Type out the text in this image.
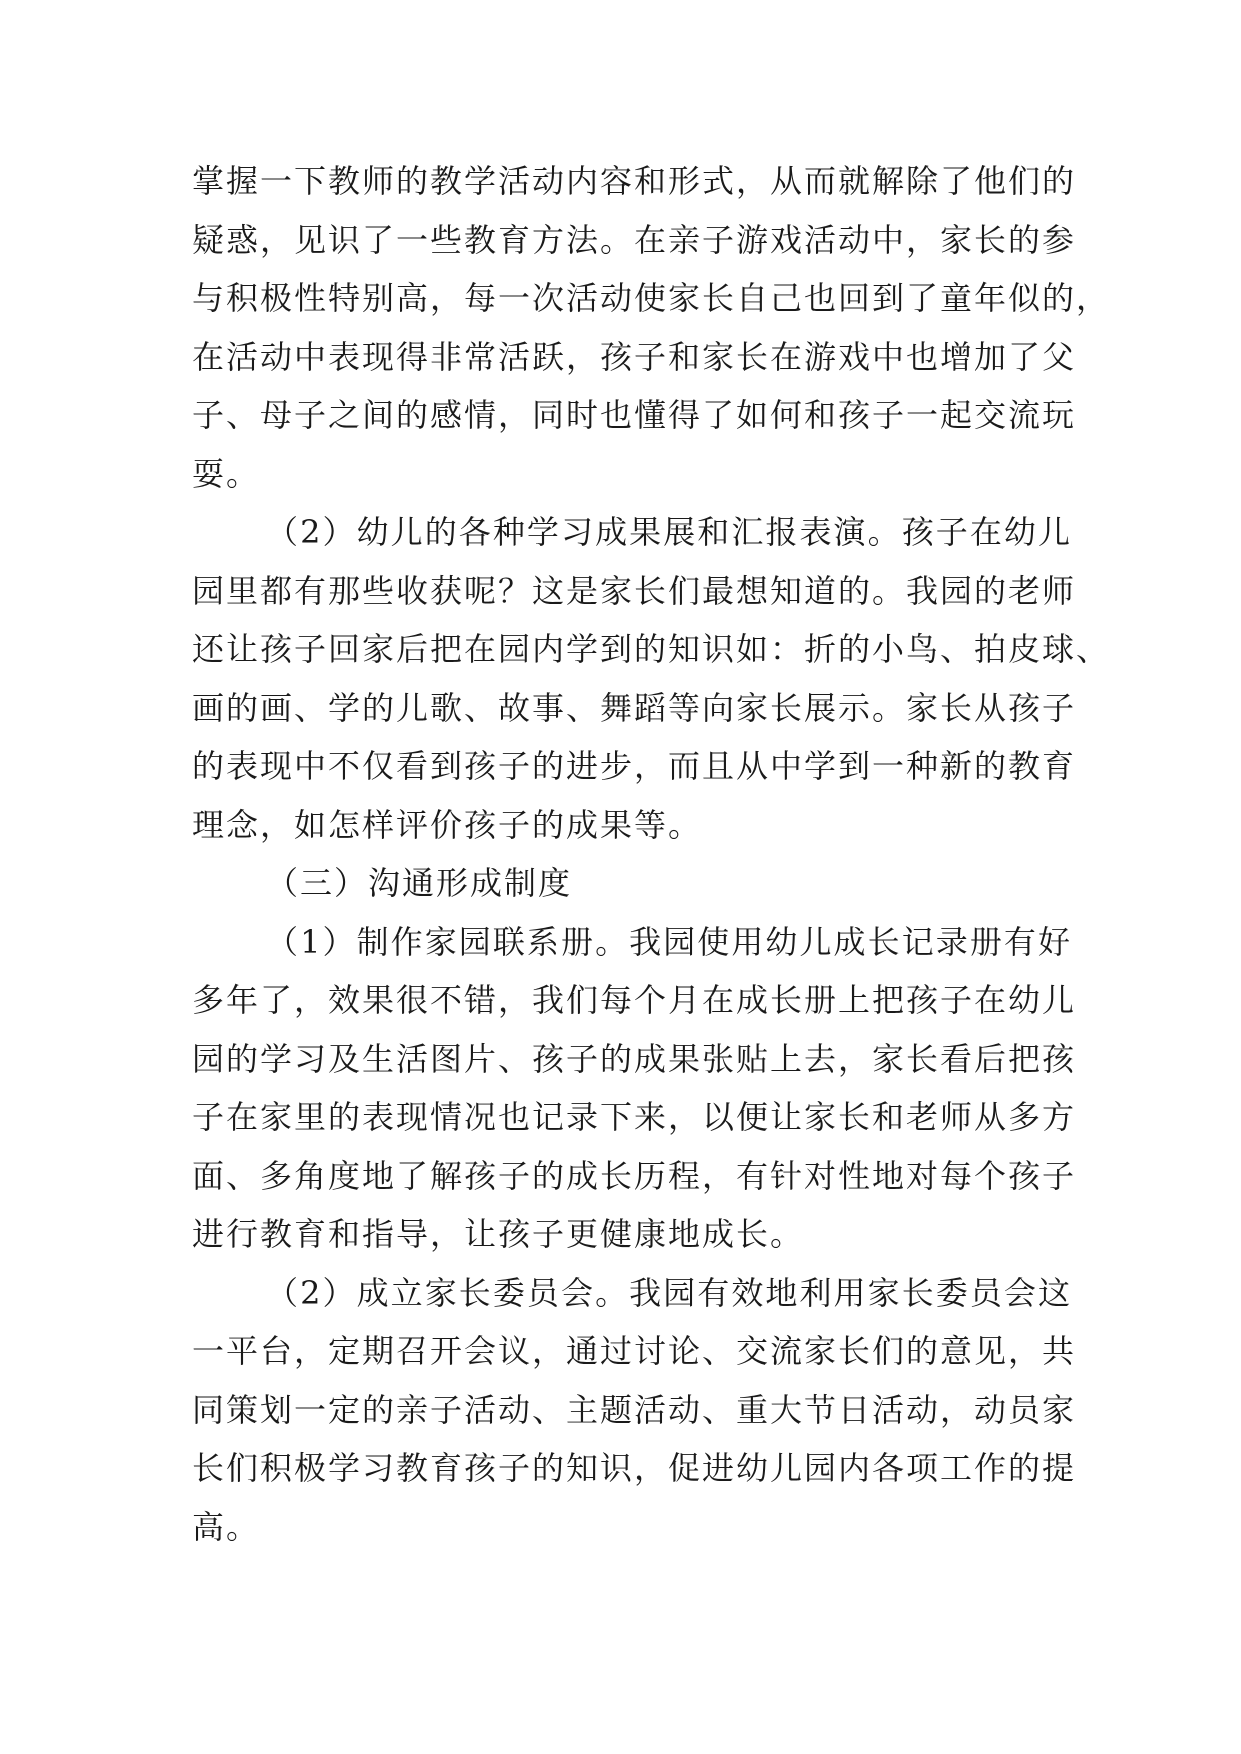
掌握一下教师的教学活动内容和形式，从而就解除了他们的
疑惑，见识了一些教育方法。在亲子游戏活动中，家长的参
与积极性特别高，每一次活动使家长自己也回到了童年似的，
在活动中表现得非常活跃，孩子和家长在游戏中也增加了父
子、母子之间的感情，同时也懂得了如何和孩子一起交流玩
耍。
（2）幼儿的各种学习成果展和汇报表演。孩子在幼儿
园里都有那些收获呢？这是家长们最想知道的。我园的老师
还让孩子回家后把在园内学到的知识如：折的小鸟、拍皮球、
画的画、学的儿歌、故事、舞蹈等向家长展示。家长从孩子
的表现中不仅看到孩子的进步，而且从中学到一种新的教育
理念，如怎样评价孩子的成果等。
（三）沟通形成制度
（1）制作家园联系册。我园使用幼儿成长记录册有好
多年了，效果很不错，我们每个月在成长册上把孩子在幼儿
园的学习及生活图片、孩子的成果张贴上去，家长看后把孩
子在家里的表现情况也记录下来，以便让家长和老师从多方
面、多角度地了解孩子的成长历程，有针对性地对每个孩子
进行教育和指导，让孩子更健康地成长。
（2）成立家长委员会。我园有效地利用家长委员会这
一平台，定期召开会议，通过讨论、交流家长们的意见，共
同策划一定的亲子活动、主题活动、重大节日活动，动员家
长们积极学习教育孩子的知识，促进幼儿园内各项工作的提
高。
